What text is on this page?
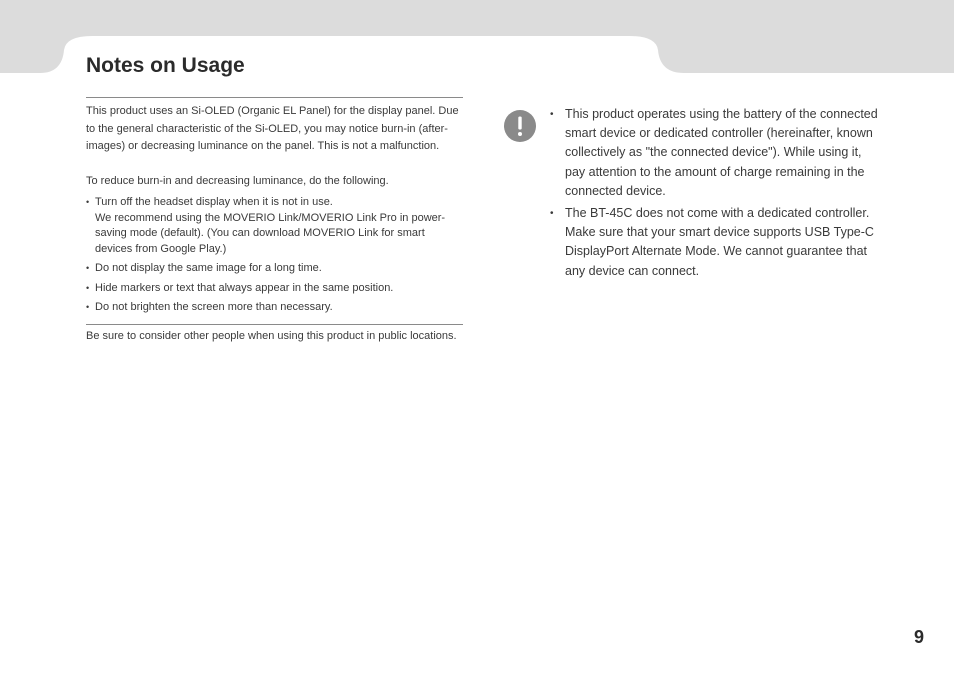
Notes on Usage

This product uses an Si-OLED (Organic EL Panel) for the display panel. Due to the general characteristic of the Si-OLED, you may notice burn-in (after-images) or decreasing luminance on the panel. This is not a malfunction.

To reduce burn-in and decreasing luminance, do the following.

• Turn off the headset display when it is not in use.
We recommend using the MOVERIO Link/MOVERIO Link Pro in power-saving mode (default). (You can download MOVERIO Link for smart devices from Google Play.)
• Do not display the same image for a long time.
• Hide markers or text that always appear in the same position.
• Do not brighten the screen more than necessary.

Be sure to consider other people when using this product in public locations.

• This product operates using the battery of the connected smart device or dedicated controller (hereinafter, known collectively as "the connected device"). While using it, pay attention to the amount of charge remaining in the connected device.
• The BT-45C does not come with a dedicated controller. Make sure that your smart device supports USB Type-C DisplayPort Alternate Mode. We cannot guarantee that any device can connect.
9
